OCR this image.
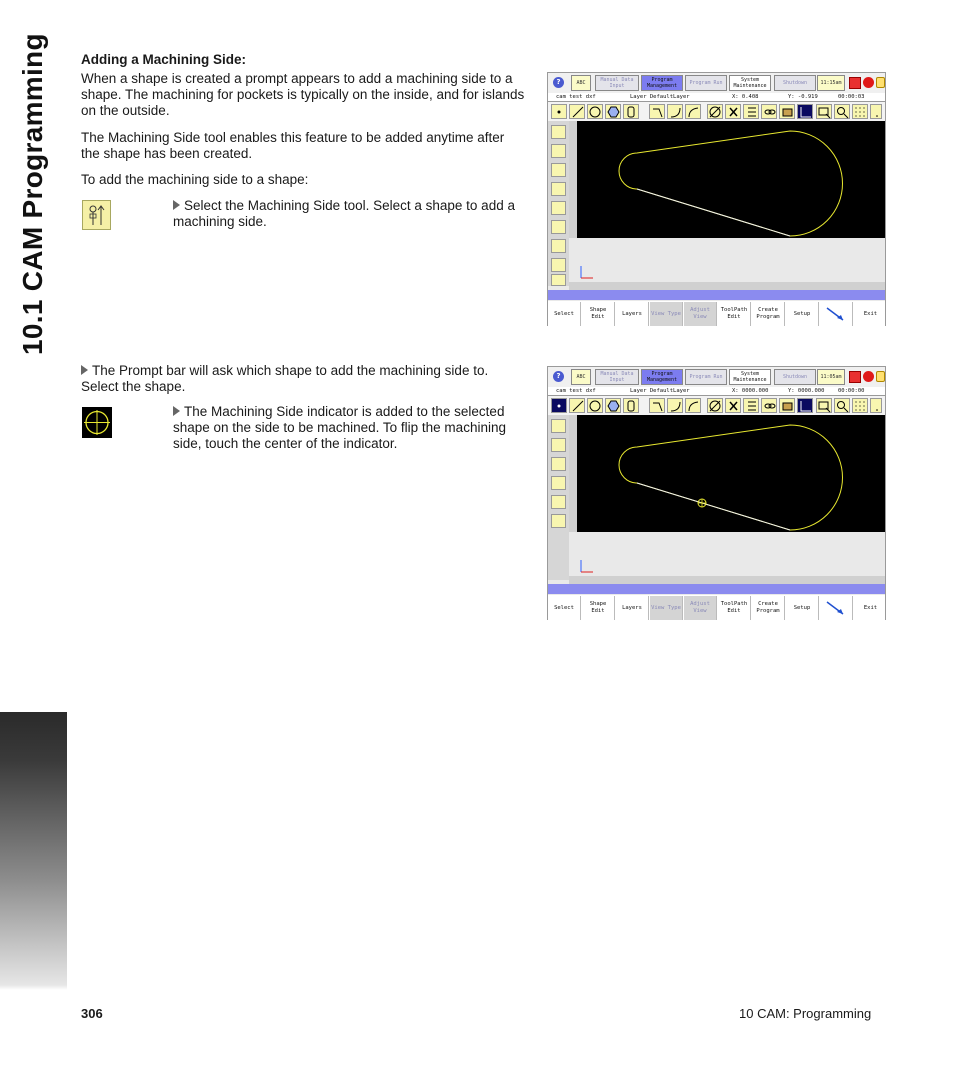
10.1 CAM Programming	Adding a Machining Side:
When a shape is created a prompt appears to add a machining side to a shape. The machining for pockets is typically on the inside, and for islands on the outside.
The Machining Side tool enables this feature to be added anytime after the shape has been created.
To add the machining side to a shape:
Select the Machining Side tool. Select a shape to add a machining side.
The Prompt bar will ask which shape to add the machining side to. Select the shape.
The Machining Side indicator is added to the selected shape on the side to be machined. To flip the machining side, touch the center of the indicator.
?	ABC	Manual Data Input
Program Management	Program Run	System Maintenance	Shutdown	11:15am
cam test dxf	Layer DefaultLayer	X: 0.408	Y: -0.919	00:00:03
Select
Shape Edit
Layers	View Type
Adjust View
ToolPath Edit
Create Program
Setup	Exit
?	ABC	Manual Data Input
Program Management	Program Run	System Maintenance	Shutdown	11:05am
cam test dxf	Layer DefaultLayer	X: 0000.000	Y: 0000.000 00:00:00
Select
Shape Edit
Layers	View Type
Adjust View
ToolPath Edit
Create Program
Setup	Exit
306	10 CAM: Programming
